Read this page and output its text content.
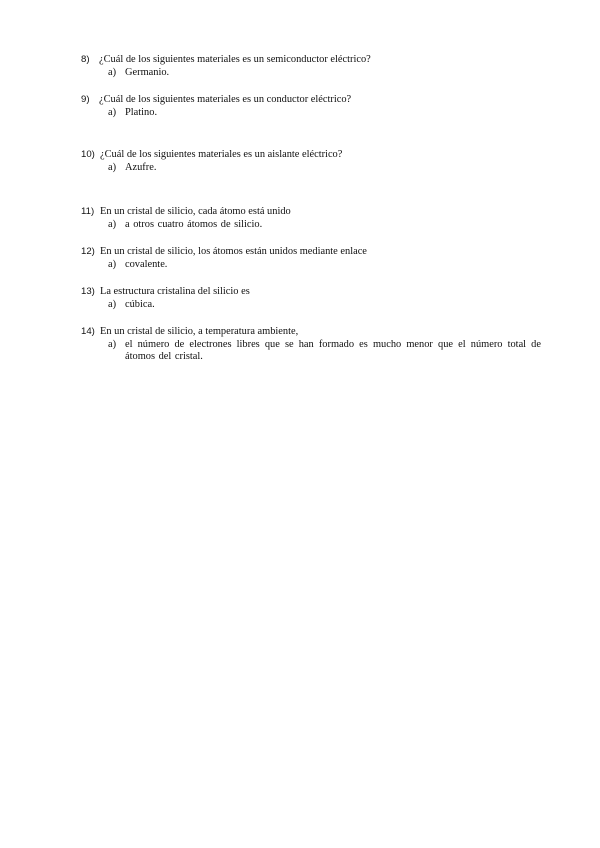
8) ¿Cuál de los siguientes materiales es un semiconductor eléctrico?
a) Germanio.
9) ¿Cuál de los siguientes materiales es un conductor eléctrico?
a) Platino.
10) ¿Cuál de los siguientes materiales es un aislante eléctrico?
a) Azufre.
11) En un cristal de silicio, cada átomo está unido
a) a otros cuatro átomos de silicio.
12) En un cristal de silicio, los átomos están unidos mediante enlace
a) covalente.
13) La estructura cristalina del silicio es
a) cúbica.
14) En un cristal de silicio, a temperatura ambiente,
a) el número de electrones libres que se han formado es mucho menor que el número total de átomos del cristal.
